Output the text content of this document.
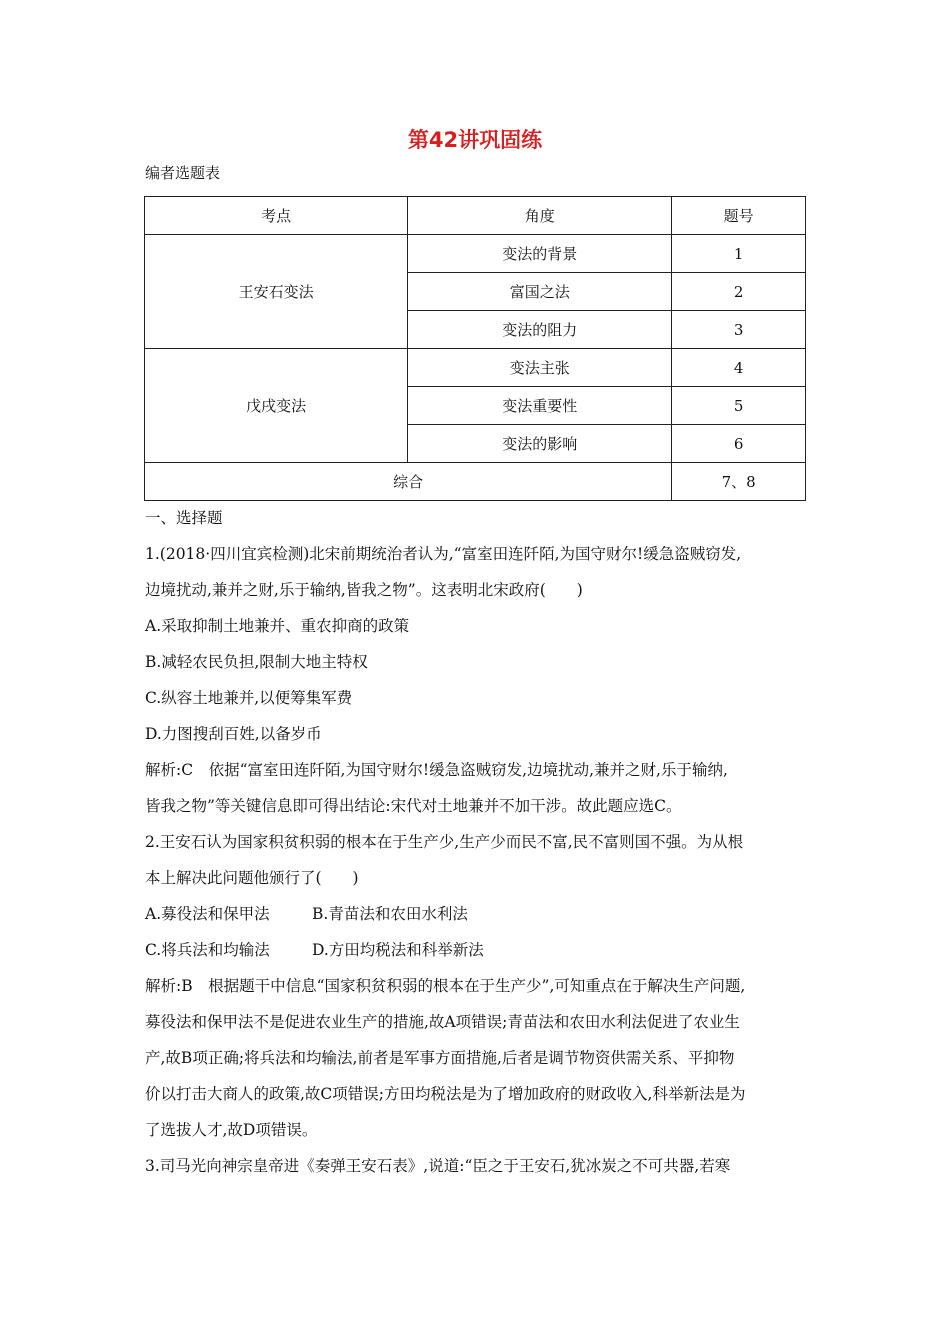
第42讲巩固练
编者选题表
考点	角度	题号
王安石变法	变法的背景	1
	富国之法	2
	变法的阻力	3
戊戌变法	变法主张	4
	变法重要性	5
	变法的影响	6
综合		7、8

一、选择题

1.(2018·四川宜宾检测)北宋前期统治者认为,“富室田连阡陌,为国守财尔!缓急盗贼窃发,

边境扰动,兼并之财,乐于输纳,皆我之物”。这表明北宋政府(　　)

A.采取抑制土地兼并、重农抑商的政策

B.减轻农民负担,限制大地主特权

C.纵容土地兼并,以便筹集军费

D.力图搜刮百姓,以备岁币

解析:C　依据“富室田连阡陌,为国守财尔!缓急盗贼窃发,边境扰动,兼并之财,乐于输纳,

皆我之物”等关键信息即可得出结论:宋代对土地兼并不加干涉。故此题应选C。

2.王安石认为国家积贫积弱的根本在于生产少,生产少而民不富,民不富则国不强。为从根

本上解决此问题他颁行了(　　)

A.募役法和保甲法	B.青苗法和农田水利法

C.将兵法和均输法	D.方田均税法和科举新法

解析:B　根据题干中信息“国家积贫积弱的根本在于生产少”,可知重点在于解决生产问题,

募役法和保甲法不是促进农业生产的措施,故A项错误;青苗法和农田水利法促进了农业生

产,故B项正确;将兵法和均输法,前者是军事方面措施,后者是调节物资供需关系、平抑物

价以打击大商人的政策,故C项错误;方田均税法是为了增加政府的财政收入,科举新法是为

了选拔人才,故D项错误。

3.司马光向神宗皇帝进《奏弹王安石表》,说道:“臣之于王安石,犹冰炭之不可共器,若寒
